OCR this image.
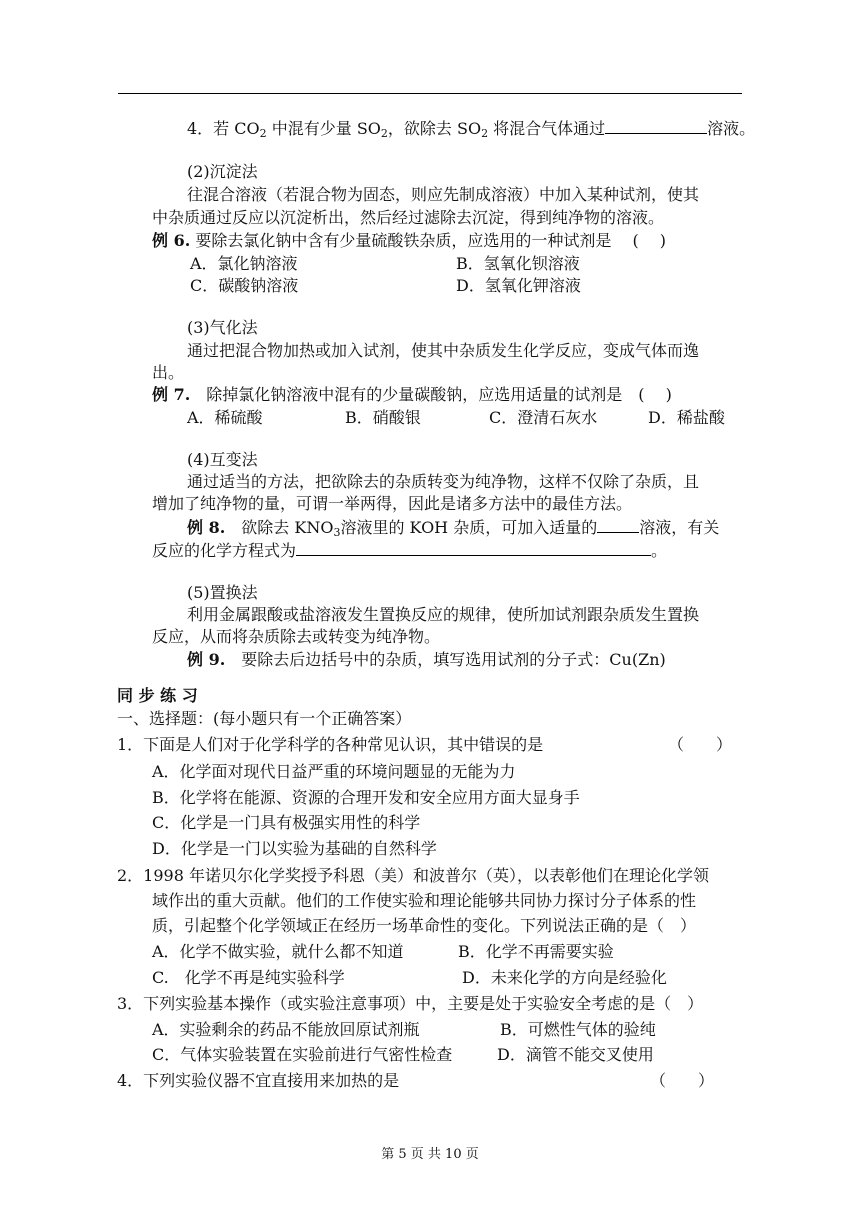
4．若 $CO_2$ 中混有少量 $SO_2$，欲除去 $SO_2$ 将混合气体通过	溶液。
(2)沉淀法
往混合溶液（若混合物为固态，则应先制成溶液）中加入某种试剂，使其
中杂质通过反应以沉淀析出，然后经过滤除去沉淀，得到纯净物的溶液。
例 6. 要除去氯化钠中含有少量硫酸铁杂质，应选用的一种试剂是 　(　 )
A．氯化钠溶液	B．氢氧化钡溶液
C．碳酸钠溶液	D．氢氧化钾溶液
(3)气化法
通过把混合物加热或加入试剂，使其中杂质发生化学反应，变成气体而逸
出。
例 7.　除掉氯化钠溶液中混有的少量碳酸钠，应选用适量的试剂是　(　 )
A．稀硫酸	B．硝酸银	C．澄清石灰水	D．稀盐酸
(4)互变法
通过适当的方法，把欲除去的杂质转变为纯净物，这样不仅除了杂质，且
增加了纯净物的量，可谓一举两得，因此是诸多方法中的最佳方法。
例 8.　欲除去 $KNO_3$溶液里的 KOH 杂质，可加入适量的	溶液，有关
反应的化学方程式为	。
(5)置换法
利用金属跟酸或盐溶液发生置换反应的规律，使所加试剂跟杂质发生置换
反应，从而将杂质除去或转变为纯净物。
例 9.　要除去后边括号中的杂质，填写选用试剂的分子式：Cu(Zn)
同 步 练 习
一、选择题：(每小题只有一个正确答案）
1．下面是人们对于化学科学的各种常见认识，其中错误的是	（　　）
A．化学面对现代日益严重的环境问题显的无能为力
B．化学将在能源、资源的合理开发和安全应用方面大显身手
C．化学是一门具有极强实用性的科学
D．化学是一门以实验为基础的自然科学
2．1998 年诺贝尔化学奖授予科恩（美）和波普尔（英），以表彰他们在理论化学领
域作出的重大贡献。他们的工作使实验和理论能够共同协力探讨分子体系的性
质，引起整个化学领域正在经历一场革命性的变化。下列说法正确的是（　）
A．化学不做实验，就什么都不知道	B．化学不再需要实验
C.　化学不再是纯实验科学	D．未来化学的方向是经验化
3．下列实验基本操作（或实验注意事项）中，主要是处于实验安全考虑的是（　）
A．实验剩余的药品不能放回原试剂瓶	B．可燃性气体的验纯
C．气体实验装置在实验前进行气密性检查	D．滴管不能交叉使用
4．下列实验仪器不宜直接用来加热的是	（　　）
第 5 页 共 10 页
